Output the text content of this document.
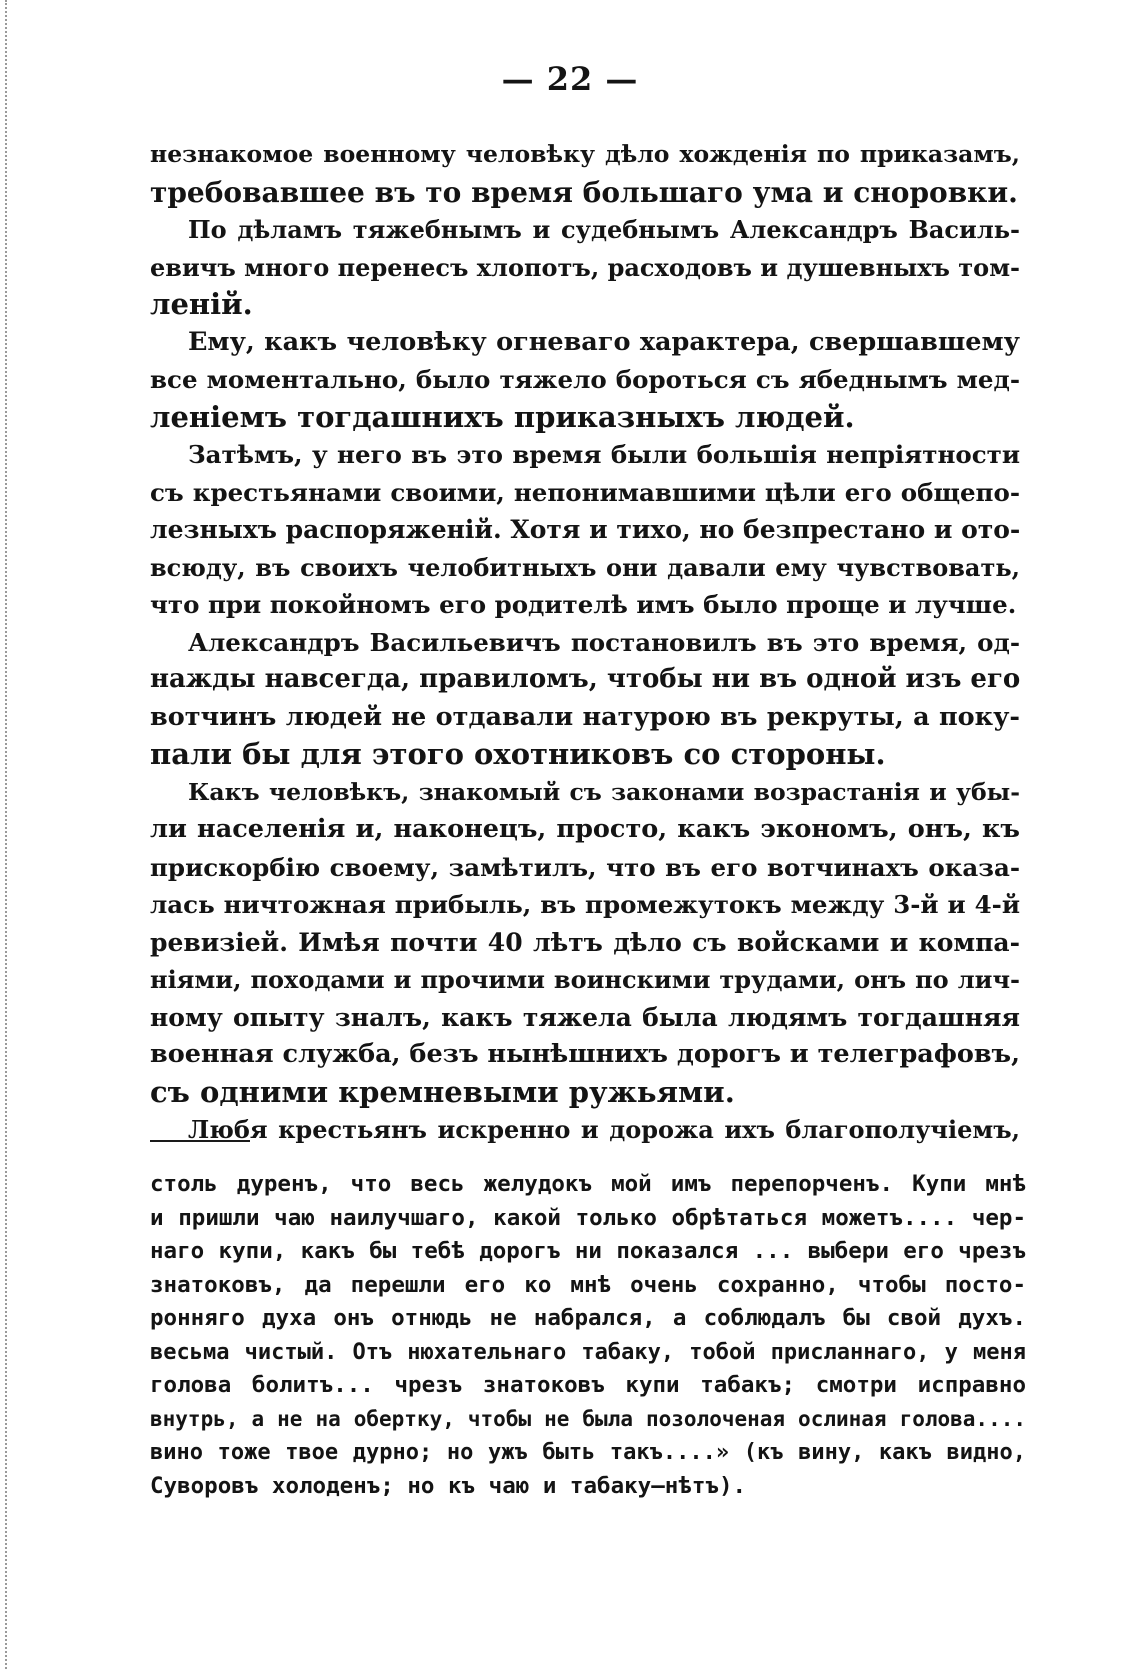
— 22 —
незнакомое военному человѣку дѣло хожденія по приказамъ,
требовавшее въ то время большаго ума и сноровки.
По дѣламъ тяжебнымъ и судебнымъ Александръ Василь-
евичъ много перенесъ хлопотъ, расходовъ и душевныхъ том-
леній.
Ему, какъ человѣку огневаго характера, свершавшему
все моментально, было тяжело бороться съ ябеднымъ мед-
леніемъ тогдашнихъ приказныхъ людей.
Затѣмъ, у него въ это время были большія непріятности
съ крестьянами своими, непонимавшими цѣли его общепо-
лезныхъ распоряженій. Хотя и тихо, но безпрестано и ото-
всюду, въ своихъ челобитныхъ они давали ему чувствовать,
что при покойномъ его родителѣ имъ было проще и лучше.
Александръ Васильевичъ постановилъ въ это время, од-
нажды навсегда, правиломъ, чтобы ни въ одной изъ его
вотчинъ людей не отдавали натурою въ рекруты, а поку-
пали бы для этого охотниковъ со стороны.
Какъ человѣкъ, знакомый съ законами возрастанія и убы-
ли населенія и, наконецъ, просто, какъ экономъ, онъ, къ
прискорбію своему, замѣтилъ, что въ его вотчинахъ оказа-
лась ничтожная прибыль, въ промежутокъ между 3-й и 4-й
ревизіей. Имѣя почти 40 лѣтъ дѣло съ войсками и компа-
ніями, походами и прочими воинскими трудами, онъ по лич-
ному опыту зналъ, какъ тяжела была людямъ тогдашняя
военная служба, безъ нынѣшнихъ дорогъ и телеграфовъ,
съ одними кремневыми ружьями.
Любя крестьянъ искренно и дорожа ихъ благополучіемъ,
столь дуренъ, что весь желудокъ мой имъ перепорченъ. Купи мнѣ
и пришли чаю наилучшаго, какой только обрѣтаться можетъ.... чер-
наго купи, какъ бы тебѣ дорогъ ни показался ... выбери его чрезъ
знатоковъ, да перешли его ко мнѣ очень сохранно, чтобы посто-
ронняго духа онъ отнюдь не набрался, а соблюдалъ бы свой духъ.
весьма чистый. Отъ нюхательнаго табаку, тобой присланнаго, у меня
голова болитъ... чрезъ знатоковъ купи табакъ; смотри исправно
внутрь, а не на обертку, чтобы не была позолоченая ослиная голова....
вино тоже твое дурно; но ужъ быть такъ....» (къ вину, какъ видно,
Суворовъ холоденъ; но къ чаю и табаку—нѣтъ).
